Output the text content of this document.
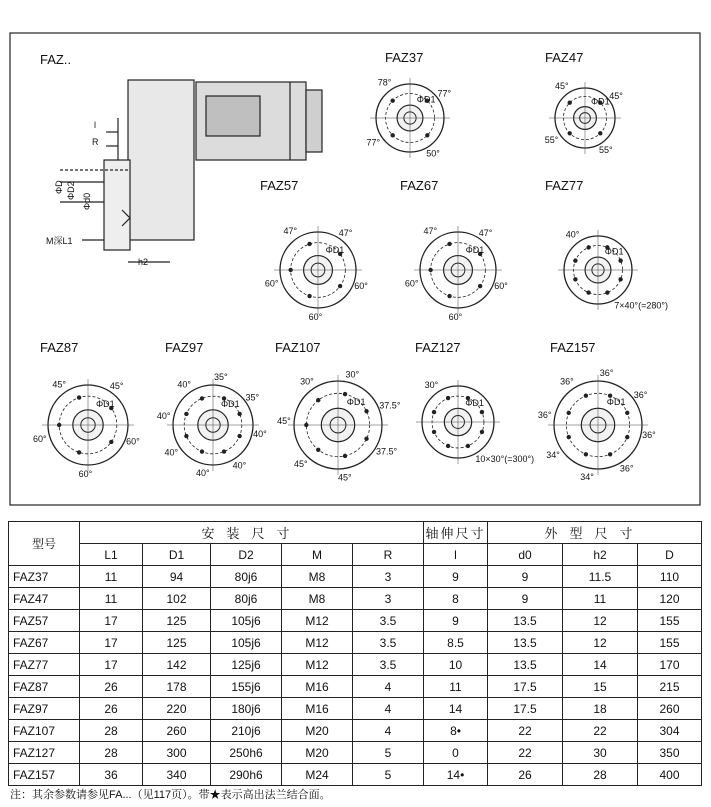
FAZ..
l
R
ΦD ΦD2
Φd0
M深L1
h2
FAZ37
ΦD1
78°
77°
50°
77°
FAZ47
ΦD1
45°
45°
55°
55°
FAZ57
ΦD1
47°	47°
60°
60°
60°
FAZ67
ΦD1
47°	47°
60°
60°
60°
FAZ77
ΦD1
40°
7×40°(=280°)
FAZ87
ΦD1
45°	45°
60°
60°
60°
FAZ97
ΦD1
40°
35°
35°
40°
40°
40°
40°
40°
FAZ107
ΦD1
30°
30°
37.5°
37.5°
45°
45°
45°
FAZ127
ΦD1
30°
10×30°(=300°)
FAZ157
ΦD1
36°
36°
36°
36°
36°
34°
34°
36°
型号	安装尺寸					轴伸尺寸	外型尺寸		
	L1	D1	D2	M	R	l	d0	h2	D
FAZ37	11	94	80j6	M8	3	9	9	11.5	110
FAZ47	11	102	80j6	M8	3	8	9	11	120
FAZ57	17	125	105j6	M12	3.5	9	13.5	12	155
FAZ67	17	125	105j6	M12	3.5	8.5	13.5	12	155
FAZ77	17	142	125j6	M12	3.5	10	13.5	14	170
FAZ87	26	178	155j6	M16	4	11	17.5	15	215
FAZ97	26	220	180j6	M16	4	14	17.5	18	260
FAZ107	28	260	210j6	M20	4	8•	22	22	304
FAZ127	28	300	250h6	M20	5	0	22	30	350
FAZ157	36	340	290h6	M24	5	14•	26	28	400
注：其余参数请参见FA...（见117页）。带★表示高出法兰结合面。
